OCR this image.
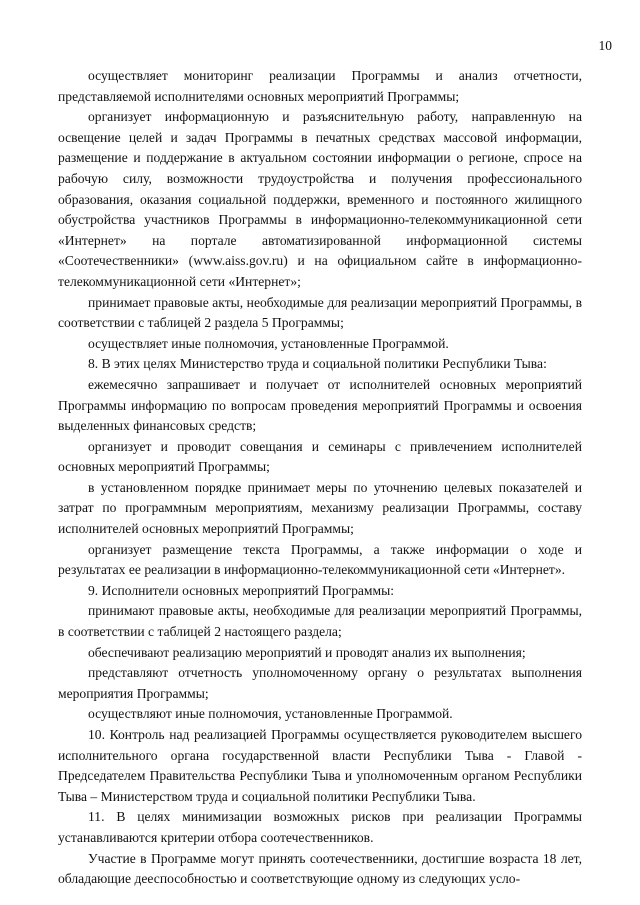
10

осуществляет мониторинг реализации Программы и анализ отчетности, представляемой исполнителями основных мероприятий Программы;

организует информационную и разъяснительную работу, направленную на освещение целей и задач Программы в печатных средствах массовой информации, размещение и поддержание в актуальном состоянии информации о регионе, спросе на рабочую силу, возможности трудоустройства и получения профессионального образования, оказания социальной поддержки, временного и постоянного жилищного обустройства участников Программы в информационно-телекоммуникационной сети «Интернет» на портале автоматизированной информационной системы «Соотечественники» (www.aiss.gov.ru) и на официальном сайте в информационно-телекоммуникационной сети «Интернет»;

принимает правовые акты, необходимые для реализации мероприятий Программы, в соответствии с таблицей 2 раздела 5 Программы;

осуществляет иные полномочия, установленные Программой.

8. В этих целях Министерство труда и социальной политики Республики Тыва:

ежемесячно запрашивает и получает от исполнителей основных мероприятий Программы информацию по вопросам проведения мероприятий Программы и освоения выделенных финансовых средств;

организует и проводит совещания и семинары с привлечением исполнителей основных мероприятий Программы;

в установленном порядке принимает меры по уточнению целевых показателей и затрат по программным мероприятиям, механизму реализации Программы, составу исполнителей основных мероприятий Программы;

организует размещение текста Программы, а также информации о ходе и результатах ее реализации в информационно-телекоммуникационной сети «Интернет».

9. Исполнители основных мероприятий Программы:

принимают правовые акты, необходимые для реализации мероприятий Программы, в соответствии с таблицей 2 настоящего раздела;

обеспечивают реализацию мероприятий и проводят анализ их выполнения;

представляют отчетность уполномоченному органу о результатах выполнения мероприятия Программы;

осуществляют иные полномочия, установленные Программой.

10. Контроль над реализацией Программы осуществляется руководителем высшего исполнительного органа государственной власти Республики Тыва - Главой - Председателем Правительства Республики Тыва и уполномоченным органом Республики Тыва – Министерством труда и социальной политики Республики Тыва.

11. В целях минимизации возможных рисков при реализации Программы устанавливаются критерии отбора соотечественников.

Участие в Программе могут принять соотечественники, достигшие возраста 18 лет, обладающие дееспособностью и соответствующие одному из следующих усло-
